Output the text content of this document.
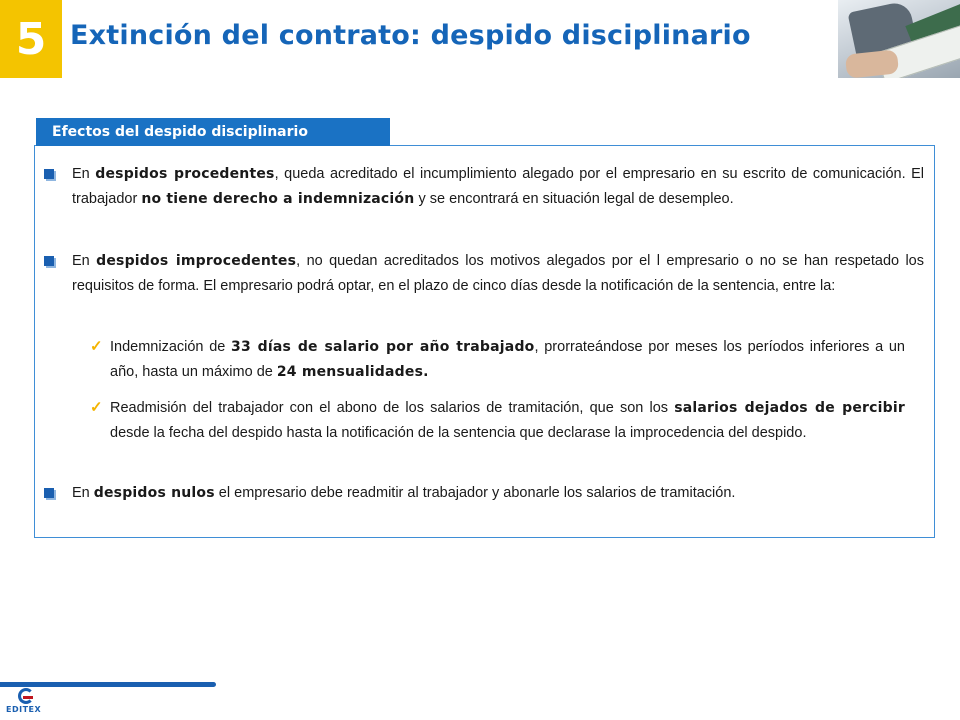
5 Extinción del contrato: despido disciplinario
Efectos del despido disciplinario
En despidos procedentes, queda acreditado el incumplimiento alegado por el empresario en su escrito de comunicación. El trabajador no tiene derecho a indemnización y se encontrará en situación legal de desempleo.
En despidos improcedentes, no quedan acreditados los motivos alegados por el l empresario o no se han respetado los requisitos de forma. El empresario podrá optar, en el plazo de cinco días desde la notificación de la sentencia, entre la:
✓ Indemnización de 33 días de salario por año trabajado, prorrateándose por meses los períodos inferiores a un año, hasta un máximo de 24 mensualidades.
✓ Readmisión del trabajador con el abono de los salarios de tramitación, que son los salarios dejados de percibir desde la fecha del despido hasta la notificación de la sentencia que declarase la improcedencia del despido.
En despidos nulos el empresario debe readmitir al trabajador y abonarle los salarios de tramitación.
EDITEX
